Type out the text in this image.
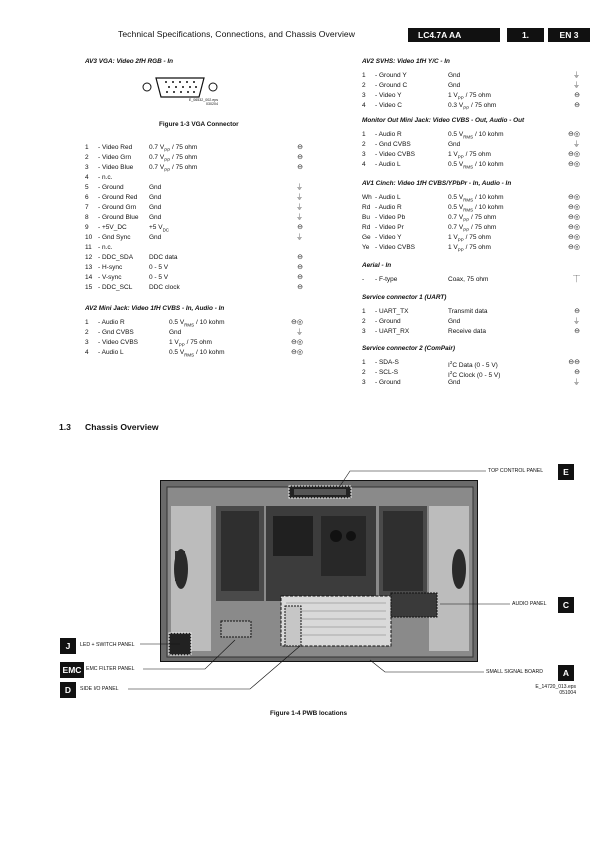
Technical Specifications, Connections, and Chassis Overview	LC4.7A AA	1.	EN 3
AV3 VGA: Video 2fH RGB - In
E_06532_002.eps 030204
Figure 1-3 VGA Connector
1 - Video Red	0.7 $V_{PP} / 75$ ohm	⊖
2 - Video Grn	0.7 $V_{PP} / 75$ ohm	⊖
3 - Video Blue 0.7 $V_{PP} / 75$ ohm	⊖
4 - n.c.
5 - Ground	Gnd	⏚
6 - Ground Red Gnd	⏚
7 - Ground Grn Gnd	⏚
8 - Ground Blue Gnd	⏚
9 - +5V_DC	+5 $V_{DC}$	⊖
10 - Gnd Sync	Gnd	⏚
11 - n.c.
12 - DDC_SDA DDC data	⊖
13 - H-sync	0 - 5 V	⊖
14 - V-sync	0 - 5 V	⊖
15 - DDC_SCL	DDC clock	⊖
AV2 Mini Jack: Video 1fH CVBS - In, Audio - In
1 - Audio R	0.5 $V_{RMS} / 10$ kohm	⊖◎
2 - Gnd CVBS	Gnd	⏚
3 - Video CVBS	1 $V_{PP} / 75$ ohm	⊖◎
4 - Audio L	0.5 $V_{RMS} / 10$ kohm	⊖◎
AV2 SVHS: Video 1fH Y/C - In
1 - Ground Y	Gnd	⏚
2 - Ground C	Gnd	⏚
3 - Video Y	1 $V_{PP} / 75$ ohm	⊖
4 - Video C	0.3 $V_{PP} / 75$ ohm	⊖
Monitor Out Mini Jack: Video CVBS - Out, Audio - Out
1 - Audio R	0.5 $V_{RMS} / 10$ kohm	⊖◎
2 - Gnd CVBS	Gnd	⏚
3 - Video CVBS	1 $V_{PP} / 75$ ohm	⊖◎
4 - Audio L	0.5 $V_{RMS} / 10$ kohm	⊖◎
AV1 Cinch: Video 1fH CVBS/YPbPr - In, Audio - In
Wh - Audio L	0.5 $V_{RMS} / 10$ kohm	⊖◎
Rd - Audio R	0.5 $V_{RMS} / 10$ kohm	⊖◎
Bu - Video Pb	0.7 $V_{PP} / 75$ ohm	⊖◎
Rd - Video Pr	0.7 $V_{PP} / 75$ ohm	⊖◎
Ge - Video Y	1 $V_{PP} / 75$ ohm	⊖◎
Ye - Video CVBS	1 $V_{PP} / 75$ ohm	⊖◎
Aerial - In
- - F-type	Coax, 75 ohm	⏉
Service connector 1 (UART)
1 - UART_TX	Transmit data	⊖
2 - Ground	Gnd	⏚
3 - UART_RX	Receive data	⊖
Service connector 2 (ComPair)
1 - SDA-S	$I^2C$ Data (0 - 5 V)	⊖⊖
2 - SCL-S	$I^2C$ Clock (0 - 5 V)	⊖
3 - Ground	Gnd	⏚
1.3 Chassis Overview
TOP CONTROL PANEL	E
AUDIO PANEL	C
J	LED + SWITCH PANEL
EMC EMC FILTER PANEL
D	SIDE I/O PANEL
SMALL SIGNAL BOARD	A
E_14720_013.eps
051004
Figure 1-4 PWB locations
